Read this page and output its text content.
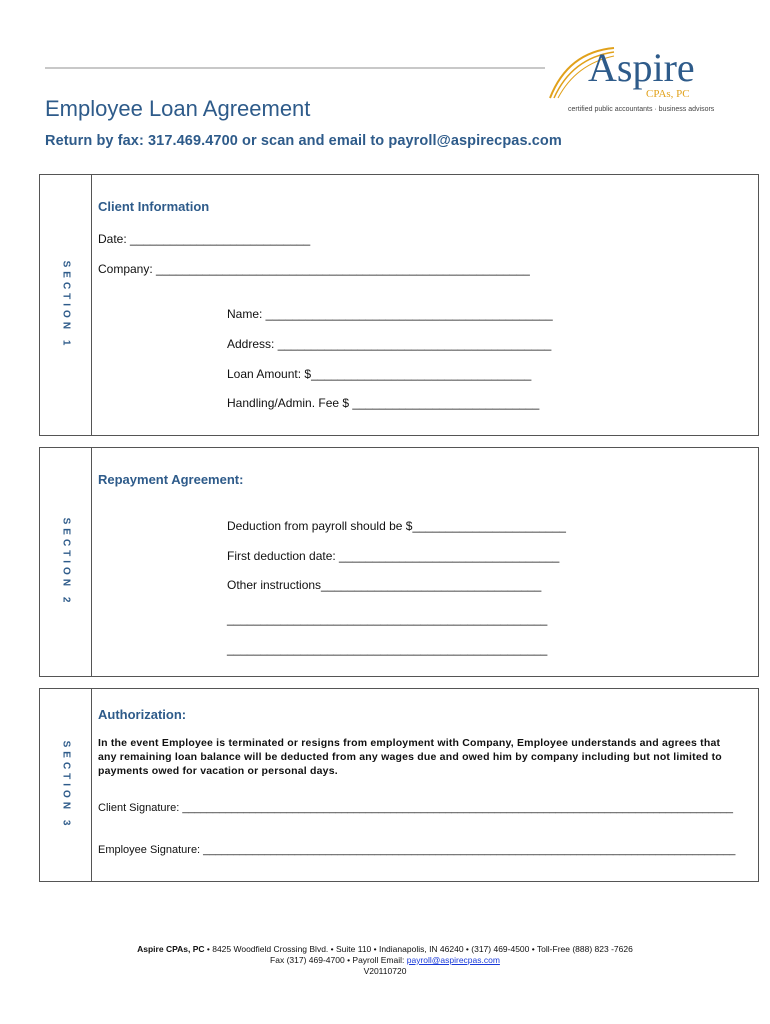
Aspire
CPAs, PC
certified public accountants · business advisors
Employee Loan Agreement
Return by fax: 317.469.4700 or scan and email to payroll@aspirecpas.com
SECTION 1
Client Information
Date: ___________________________
Company: ________________________________________________________
Name: ___________________________________________
Address: _________________________________________
Loan Amount: $_________________________________
Handling/Admin. Fee $ ____________________________
SECTION 2
Repayment Agreement:
Deduction from payroll should be $_______________________
First deduction date: _________________________________
Other instructions_________________________________
________________________________________________
________________________________________________
SECTION 3
Authorization:
In the event Employee is terminated or resigns from employment with Company, Employee understands and agrees that any remaining loan balance will be deducted from any wages due and owed him by company including but not limited to payments owed for vacation or personal days.
Client Signature: __________________________________________________________________________________________
Employee Signature: _______________________________________________________________________________________
Aspire CPAs, PC • 8425 Woodfield Crossing Blvd. • Suite 110 • Indianapolis, IN 46240 • (317) 469-4500 • Toll-Free (888) 823 -7626
Fax (317) 469-4700 • Payroll Email: payroll@aspirecpas.com
V20110720
